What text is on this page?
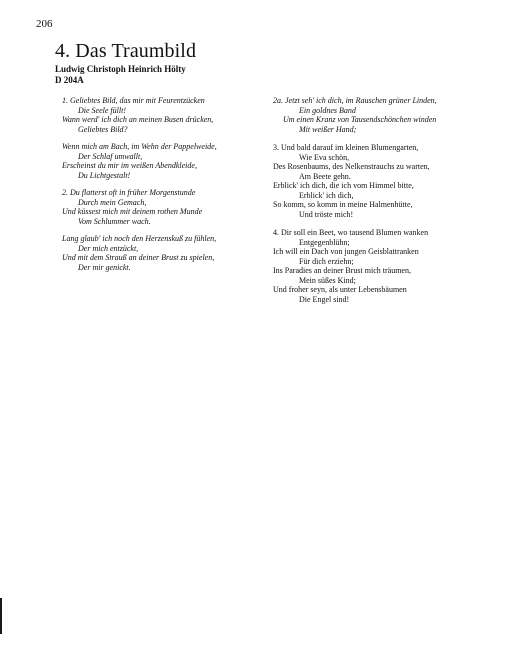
206
4. Das Traumbild
Ludwig Christoph Heinrich Hölty
D 204A
1. Geliebtes Bild, das mir mit Feurentzücken
Die Seele füllt!
Wann werd' ich dich an meinen Busen drücken,
Geliebtes Bild?
Wenn mich am Bach, im Wehn der Pappelweide,
Der Schlaf umwallt,
Erscheinst du mir im weißen Abendkleide,
Du Lichtgestalt!
2. Du flatterst oft in früher Morgenstunde
Durch mein Gemach,
Und küssest mich mit deinem rothen Munde
Vom Schlummer wach.
Lang glaub' ich noch den Herzenskuß zu fühlen,
Der mich entzückt,
Und mit dem Strauß an deiner Brust zu spielen,
Der mir genickt.
2a. Jetzt seh' ich dich, im Rauschen grüner Linden,
Ein goldnes Band
Um einen Kranz von Tausendschönchen winden
Mit weißer Hand;
3. Und bald darauf im kleinen Blumengarten,
Wie Eva schön,
Des Rosenbaums, des Nelkenstrauchs zu warten,
Am Beete gehn.
Erblick' ich dich, die ich vom Himmel bitte,
Erblick' ich dich,
So komm, so komm in meine Halmenhütte,
Und tröste mich!
4. Dir soll ein Beet, wo tausend Blumen wanken
Entgegenblühn;
Ich will ein Dach von jungen Geisblattranken
Für dich erziehn;
Ins Paradies an deiner Brust mich träumen,
Mein süßes Kind;
Und froher seyn, als unter Lebensbäumen
Die Engel sind!
